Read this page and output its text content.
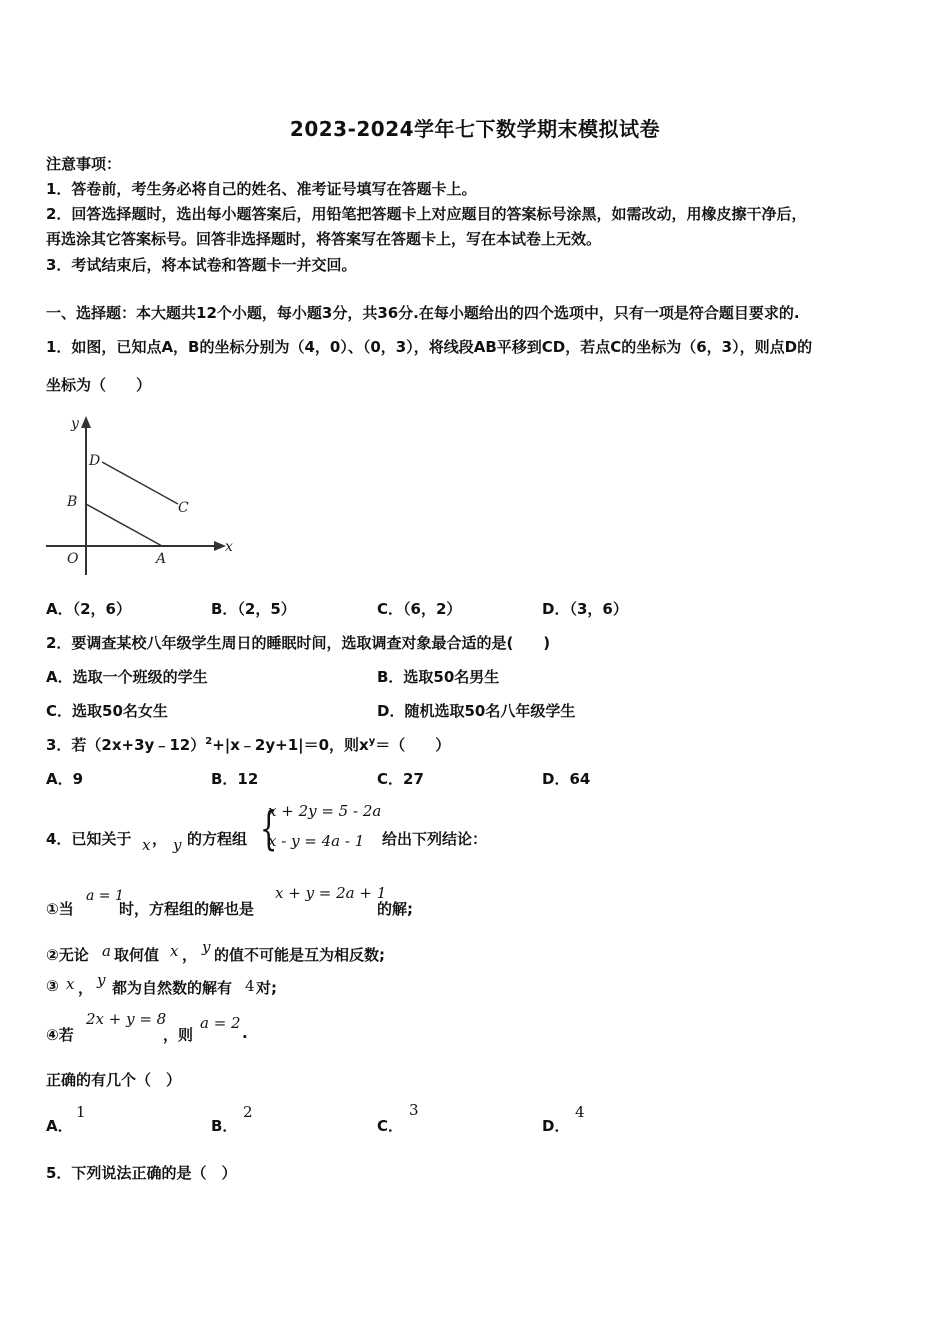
2023-2024学年七下数学期末模拟试卷
注意事项：
1．答卷前，考生务必将自己的姓名、准考证号填写在答题卡上。
2．回答选择题时，选出每小题答案后，用铅笔把答题卡上对应题目的答案标号涂黑，如需改动，用橡皮擦干净后，
再选涂其它答案标号。回答非选择题时，将答案写在答题卡上，写在本试卷上无效。
3．考试结束后，将本试卷和答题卡一并交回。
一、选择题：本大题共12个小题，每小题3分，共36分.在每小题给出的四个选项中，只有一项是符合题目要求的.
1．如图，已知点A，B的坐标分别为（4，0）、（0，3），将线段AB平移到CD，若点C的坐标为（6，3），则点D的
坐标为（　　）
y
x
O	A
B	C
D
A．（2，6）	B．（2，5）	C．（6，2）	D．（3，6）
2．要调查某校八年级学生周日的睡眠时间，选取调查对象最合适的是(　　)
A．选取一个班级的学生	B．选取50名男生
C．选取50名女生	D．随机选取50名八年级学生
3．若（2x+3y﹣12）$^2$+|x﹣2y+1|＝0，则$x^y=$（　　）
A．9	B．12	C．27	D．64
4．已知关于 x ， y 的方程组 {
x + 2y = 5 - 2a
x - y = 4a - 1 给出下列结论：
①当
a = 1
时，方程组的解也是
x + y = 2a + 1
的解;
②无论 a 取何值 x ， y 的值不可能是互为相反数;
③ x ， y 都为自然数的解有 4 对;
④若
2x + y = 8
，则
a = 2
.
正确的有几个（　）
A．
1
B．
2
C．
3
D．
4
5．下列说法正确的是（　）
